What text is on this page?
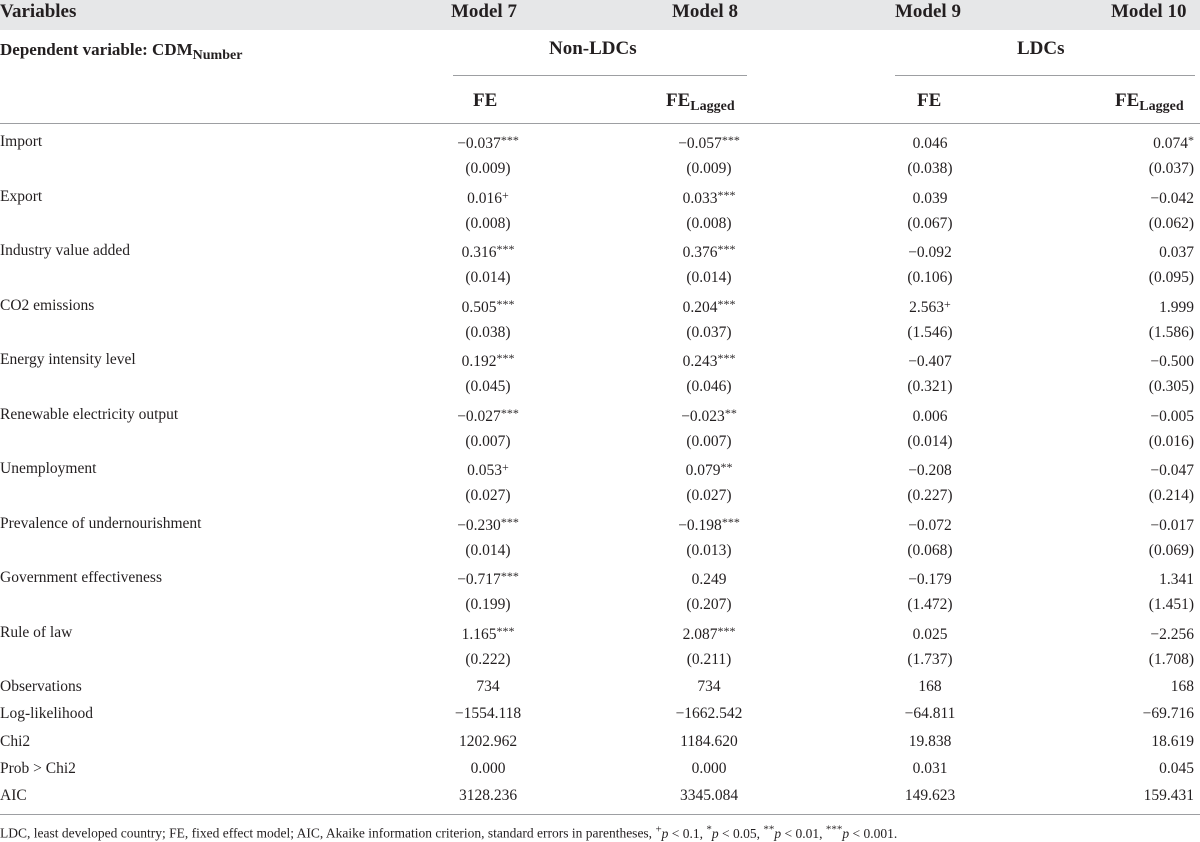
Variables	Model 7	Model 8	Model 9	Model 10
Dependent variable: $CDM_{Number}$	Non-LDCs	LDCs
FE	$FE_{Lagged}$	FE	$FE_{Lagged}$
Import	−0.037***	−0.057***	0.046	0.074*
(0.009)	(0.009)	(0.038)	(0.037)
Export	0.016+	0.033***	0.039	−0.042
(0.008)	(0.008)	(0.067)	(0.062)
Industry value added	0.316***	0.376***	−0.092	0.037
(0.014)	(0.014)	(0.106)	(0.095)
CO2 emissions	0.505***	0.204***	2.563+	1.999
(0.038)	(0.037)	(1.546)	(1.586)
Energy intensity level	0.192***	0.243***	−0.407	−0.500
(0.045)	(0.046)	(0.321)	(0.305)
Renewable electricity output	−0.027***	−0.023**	0.006	−0.005
(0.007)	(0.007)	(0.014)	(0.016)
Unemployment	0.053+	0.079**	−0.208	−0.047
(0.027)	(0.027)	(0.227)	(0.214)
Prevalence of undernourishment	−0.230***	−0.198***	−0.072	−0.017
(0.014)	(0.013)	(0.068)	(0.069)
Government effectiveness	−0.717***	0.249	−0.179	1.341
(0.199)	(0.207)	(1.472)	(1.451)
Rule of law	1.165***	2.087***	0.025	−2.256
(0.222)	(0.211)	(1.737)	(1.708)
Observations	734	734	168	168
Log-likelihood	−1554.118	−1662.542	−64.811	−69.716
Chi2	1202.962	1184.620	19.838	18.619
Prob > Chi2	0.000	0.000	0.031	0.045
AIC	3128.236	3345.084	149.623	159.431
LDC, least developed country; FE, fixed effect model; AIC, Akaike information criterion, standard errors in parentheses, +p < 0.1, *p < 0.05, **p < 0.01, ***p < 0.001.
